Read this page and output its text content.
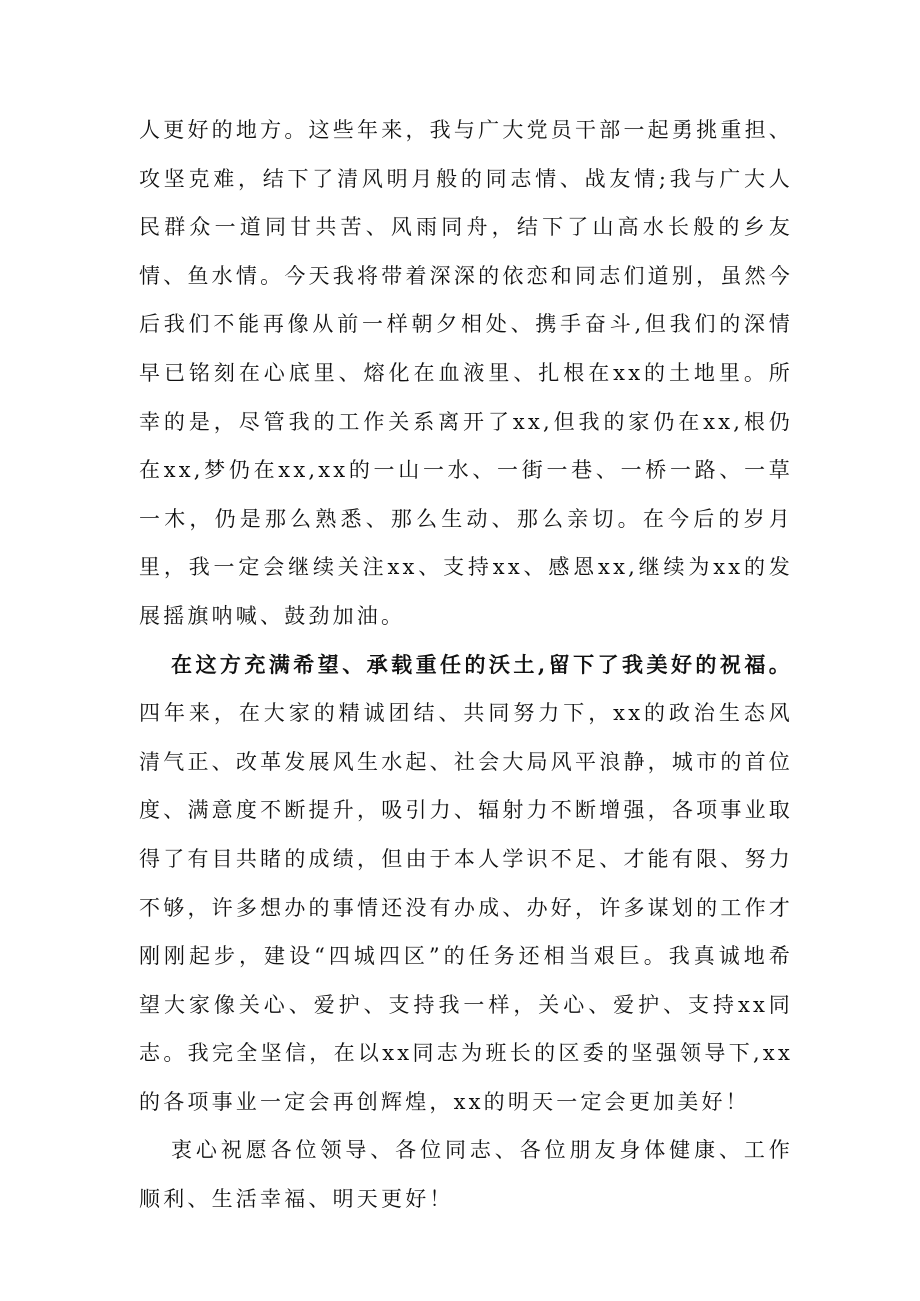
人更好的地方。这些年来，我与广大党员干部一起勇挑重担、攻坚克难，结下了清风明月般的同志情、战友情;我与广大人民群众一道同甘共苦、风雨同舟，结下了山高水长般的乡友情、鱼水情。今天我将带着深深的依恋和同志们道别，虽然今后我们不能再像从前一样朝夕相处、携手奋斗,但我们的深情早已铭刻在心底里、熔化在血液里、扎根在xx的土地里。所幸的是，尽管我的工作关系离开了xx,但我的家仍在xx,根仍在xx,梦仍在xx,xx的一山一水、一街一巷、一桥一路、一草一木，仍是那么熟悉、那么生动、那么亲切。在今后的岁月里，我一定会继续关注xx、支持xx、感恩xx,继续为xx的发展摇旗呐喊、鼓劲加油。

在这方充满希望、承载重任的沃土,留下了我美好的祝福。四年来，在大家的精诚团结、共同努力下，xx的政治生态风清气正、改革发展风生水起、社会大局风平浪静，城市的首位度、满意度不断提升，吸引力、辐射力不断增强，各项事业取得了有目共睹的成绩，但由于本人学识不足、才能有限、努力不够，许多想办的事情还没有办成、办好，许多谋划的工作才刚刚起步，建设“四城四区”的任务还相当艰巨。我真诚地希望大家像关心、爱护、支持我一样，关心、爱护、支持xx同志。我完全坚信，在以xx同志为班长的区委的坚强领导下,xx的各项事业一定会再创辉煌，xx的明天一定会更加美好！

衷心祝愿各位领导、各位同志、各位朋友身体健康、工作顺利、生活幸福、明天更好！
